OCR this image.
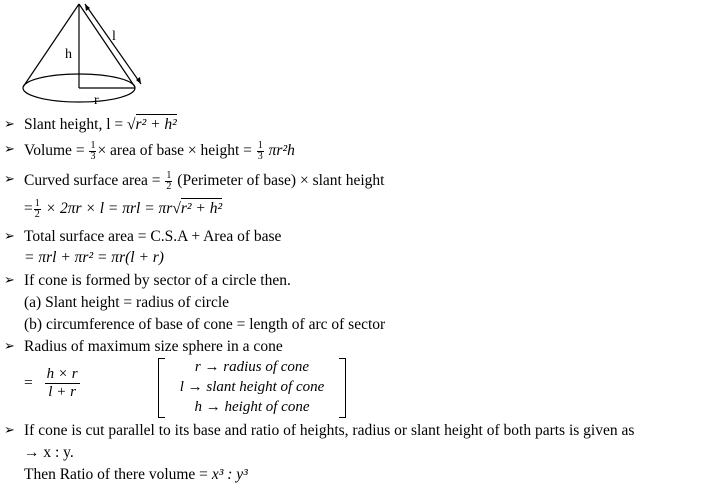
h
l
r
➢ Slant height, l = √r² + h²
➢ Volume = $\frac{1}{3}$ × area of base × height = $\frac{1}{3} \pi r^2h$
➢ Curved surface area = $\frac{1}{2}$ (Perimeter of base) × slant height
= $\frac{1}{2} \times 2\pi r \times l = \pi rl = \pi r√r^2 + h^2$
➢ Total surface area = C.S.A + Area of base
= πrl + πr² = πr(l + r)
➢ If cone is formed by sector of a circle then.
(a) Slant height = radius of circle
(b) circumference of base of cone = length of arc of sector
➢ Radius of maximum size sphere in a cone
= $\frac{h \times r}{l + r}$	r → radius of cone
l → slant height of cone
h → height of cone
➢ If cone is cut parallel to its base and ratio of heights, radius or slant height of both parts is given as
→ x : y.
Then Ratio of there volume = x³ : y³
